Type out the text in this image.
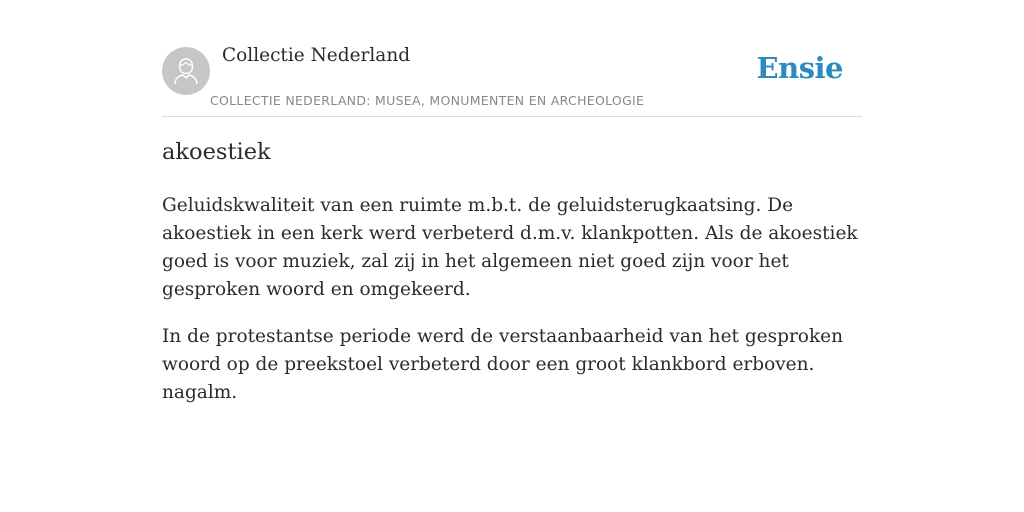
Collectie Nederland
COLLECTIE NEDERLAND: MUSEA, MONUMENTEN EN ARCHEOLOGIE
Ensie
akoestiek

Geluidskwaliteit van een ruimte m.b.t. de geluidsterugkaatsing. De akoestiek in een kerk werd verbeterd d.m.v. klankpotten. Als de akoestiek goed is voor muziek, zal zij in het algemeen niet goed zijn voor het gesproken woord en omgekeerd.

In de protestantse periode werd de verstaanbaarheid van het gesproken woord op de preekstoel verbeterd door een groot klankbord erboven. nagalm.
